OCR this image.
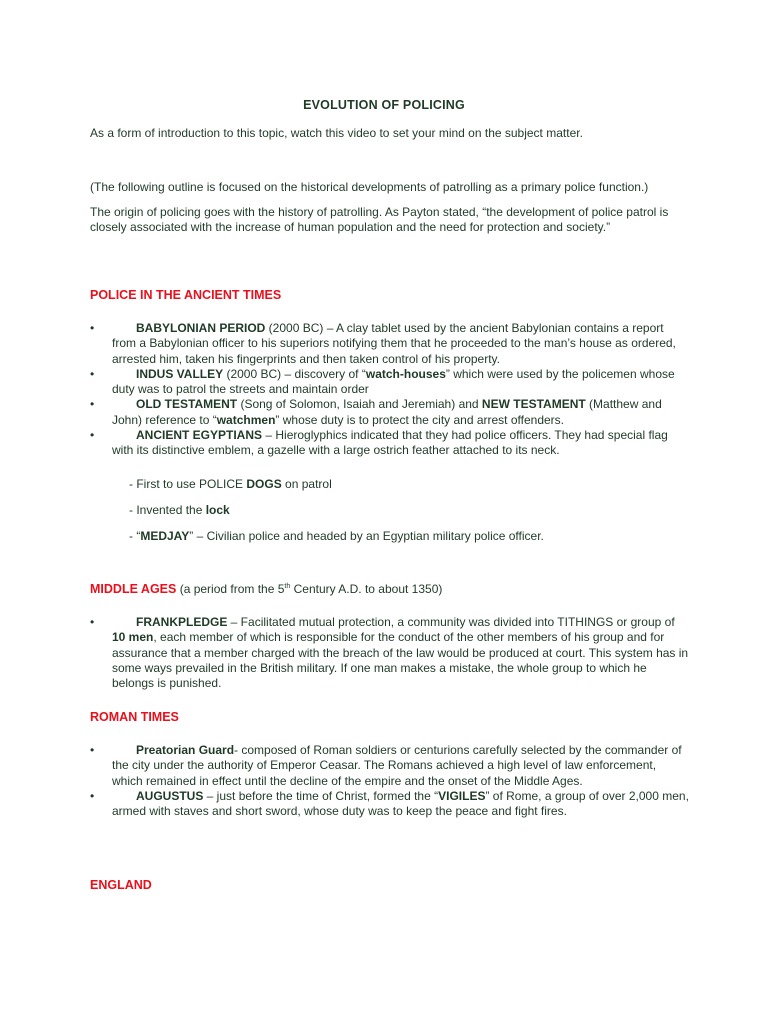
EVOLUTION OF POLICING

As a form of introduction to this topic, watch this video to set your mind on the subject matter.

(The following outline is focused on the historical developments of patrolling as a primary police function.)

The origin of policing goes with the history of patrolling. As Payton stated, “the development of police patrol is closely associated with the increase of human population and the need for protection and society.”

POLICE IN THE ANCIENT TIMES
•	BABYLONIAN PERIOD (2000 BC) – A clay tablet used by the ancient Babylonian contains a report from a Babylonian officer to his superiors notifying them that he proceeded to the man’s house as ordered, arrested him, taken his fingerprints and then taken control of his property.
•	INDUS VALLEY (2000 BC) – discovery of “watch-houses” which were used by the policemen whose duty was to patrol the streets and maintain order
•	OLD TESTAMENT (Song of Solomon, Isaiah and Jeremiah) and NEW TESTAMENT (Matthew and John) reference to “watchmen” whose duty is to protect the city and arrest offenders.
•	ANCIENT EGYPTIANS – Hieroglyphics indicated that they had police officers. They had special flag with its distinctive emblem, a gazelle with a large ostrich feather attached to its neck.
- First to use POLICE DOGS on patrol
- Invented the lock
- “MEDJAY” – Civilian police and headed by an Egyptian military police officer.
MIDDLE AGES (a period from the 5th Century A.D. to about 1350)
•	FRANKPLEDGE – Facilitated mutual protection, a community was divided into TITHINGS or group of 10 men, each member of which is responsible for the conduct of the other members of his group and for assurance that a member charged with the breach of the law would be produced at court. This system has in some ways prevailed in the British military. If one man makes a mistake, the whole group to which he belongs is punished.
ROMAN TIMES
•	Preatorian Guard- composed of Roman soldiers or centurions carefully selected by the commander of the city under the authority of Emperor Ceasar. The Romans achieved a high level of law enforcement, which remained in effect until the decline of the empire and the onset of the Middle Ages.
•	AUGUSTUS – just before the time of Christ, formed the “VIGILES” of Rome, a group of over 2,000 men, armed with staves and short sword, whose duty was to keep the peace and fight fires.
ENGLAND
